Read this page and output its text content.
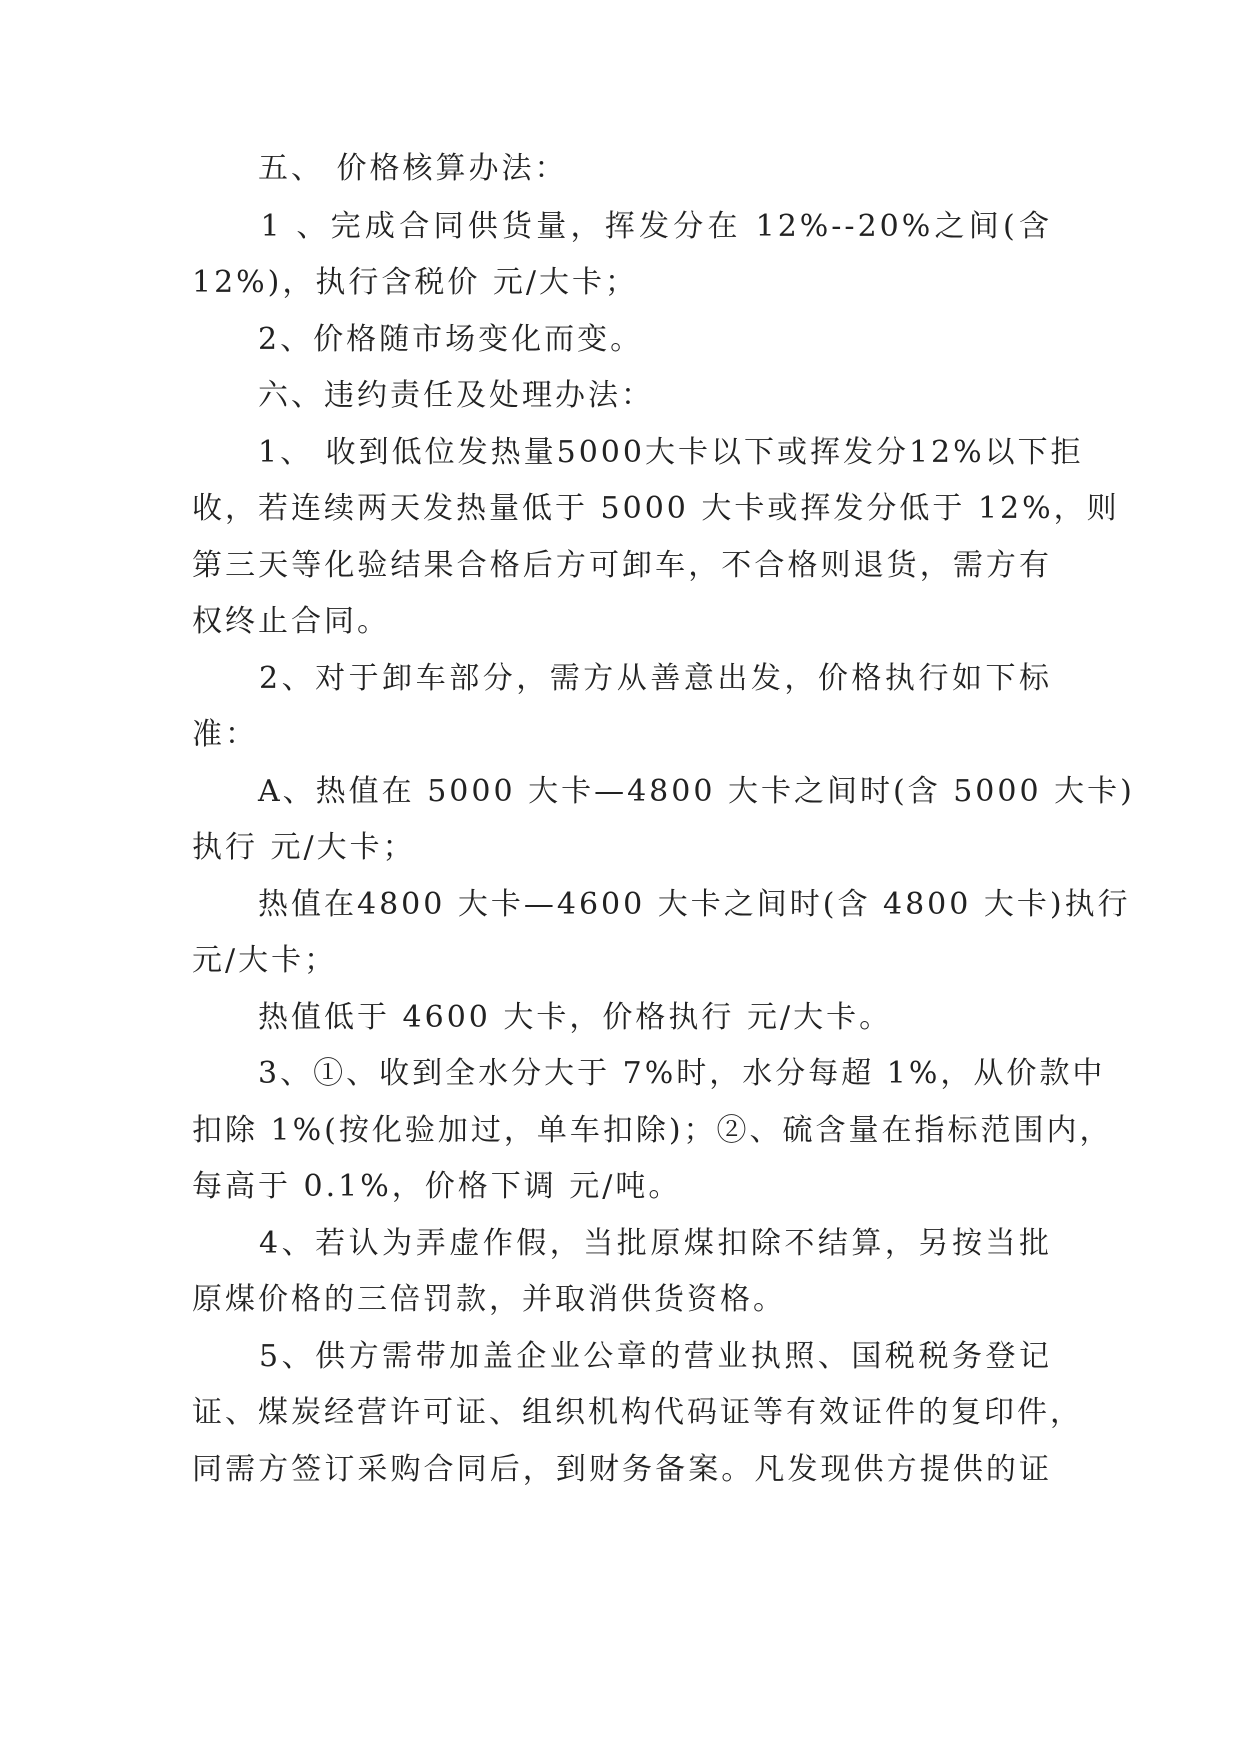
　　五、 价格核算办法：
　　1 、完成合同供货量，挥发分在 12%--20%之间(含
12%)，执行含税价 元/大卡；
　　2、价格随市场变化而变。
　　六、违约责任及处理办法：
　　1、 收到低位发热量5000大卡以下或挥发分12%以下拒
收，若连续两天发热量低于 5000 大卡或挥发分低于 12%，则
第三天等化验结果合格后方可卸车，不合格则退货，需方有
权终止合同。
　　2、对于卸车部分，需方从善意出发，价格执行如下标
准：
　　A、热值在 5000 大卡—4800 大卡之间时(含 5000 大卡)
执行 元/大卡；
　　热值在4800 大卡—4600 大卡之间时(含 4800 大卡)执行
元/大卡；
　　热值低于 4600 大卡，价格执行 元/大卡。
　　3、①、收到全水分大于 7%时，水分每超 1%，从价款中
扣除 1%(按化验加过，单车扣除)；②、硫含量在指标范围内，
每高于 0.1%，价格下调 元/吨。
　　4、若认为弄虚作假，当批原煤扣除不结算，另按当批
原煤价格的三倍罚款，并取消供货资格。
　　5、供方需带加盖企业公章的营业执照、国税税务登记
证、煤炭经营许可证、组织机构代码证等有效证件的复印件，
同需方签订采购合同后，到财务备案。凡发现供方提供的证
